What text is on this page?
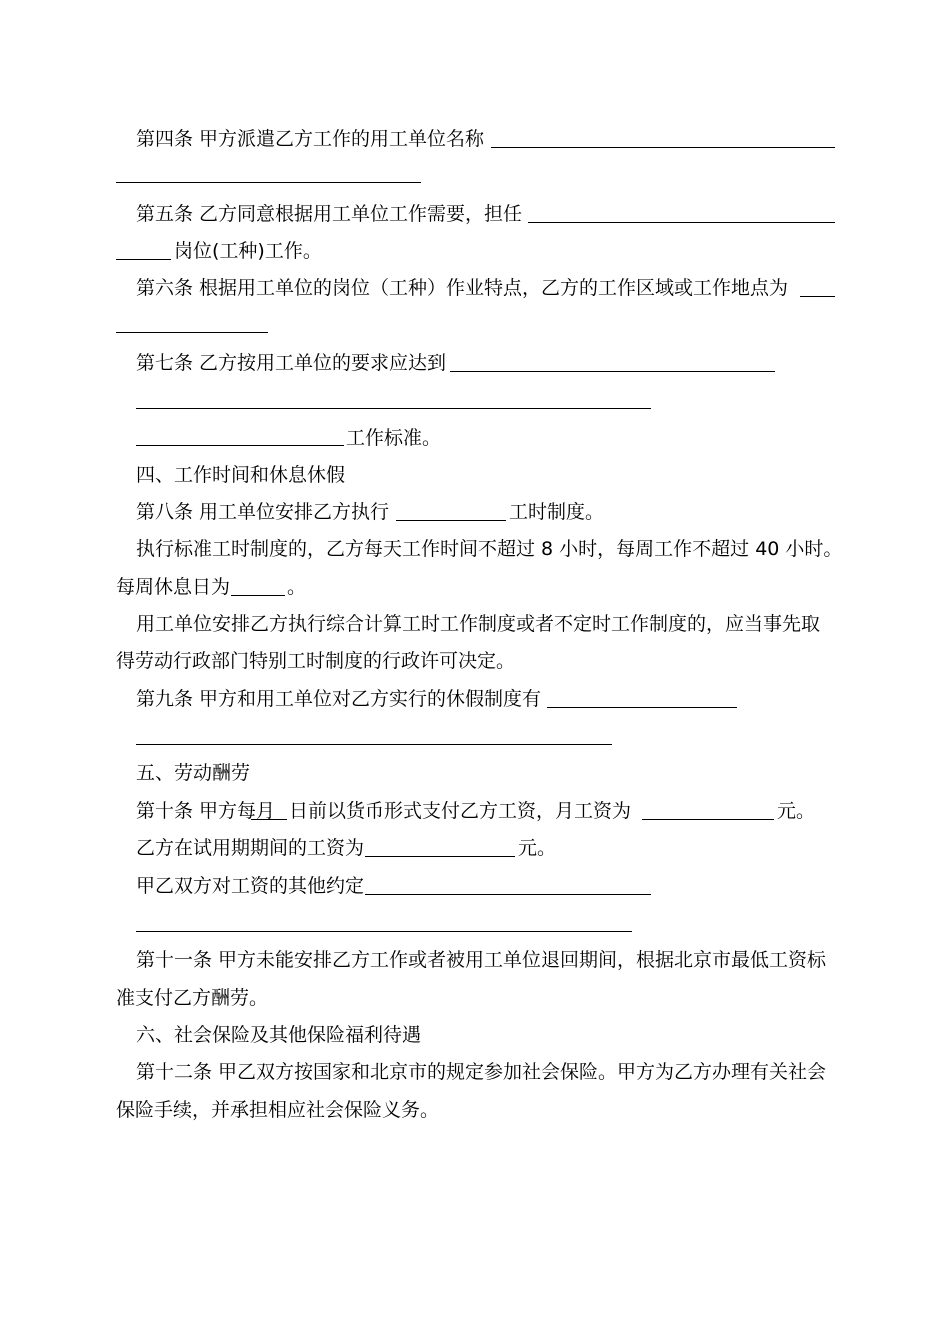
第四条 甲方派遣乙方工作的用工单位名称
第五条 乙方同意根据用工单位工作需要，担任
岗位(工种)工作。
第六条 根据用工单位的岗位（工种）作业特点，乙方的工作区域或工作地点为
第七条 乙方按用工单位的要求应达到
工作标准。
四、工作时间和休息休假
第八条 用工单位安排乙方执行	工时制度。
执行标准工时制度的，乙方每天工作时间不超过 8 小时，每周工作不超过 40 小时。
每周休息日为	。
用工单位安排乙方执行综合计算工时工作制度或者不定时工作制度的，应当事先取
得劳动行政部门特别工时制度的行政许可决定。
第九条 甲方和用工单位对乙方实行的休假制度有
五、劳动酬劳
第十条 甲方每月 日前以货币形式支付乙方工资，月工资为	元。
乙方在试用期期间的工资为	元。
甲乙双方对工资的其他约定
第十一条 甲方未能安排乙方工作或者被用工单位退回期间，根据北京市最低工资标
准支付乙方酬劳。
六、社会保险及其他保险福利待遇
第十二条 甲乙双方按国家和北京市的规定参加社会保险。甲方为乙方办理有关社会
保险手续，并承担相应社会保险义务。
